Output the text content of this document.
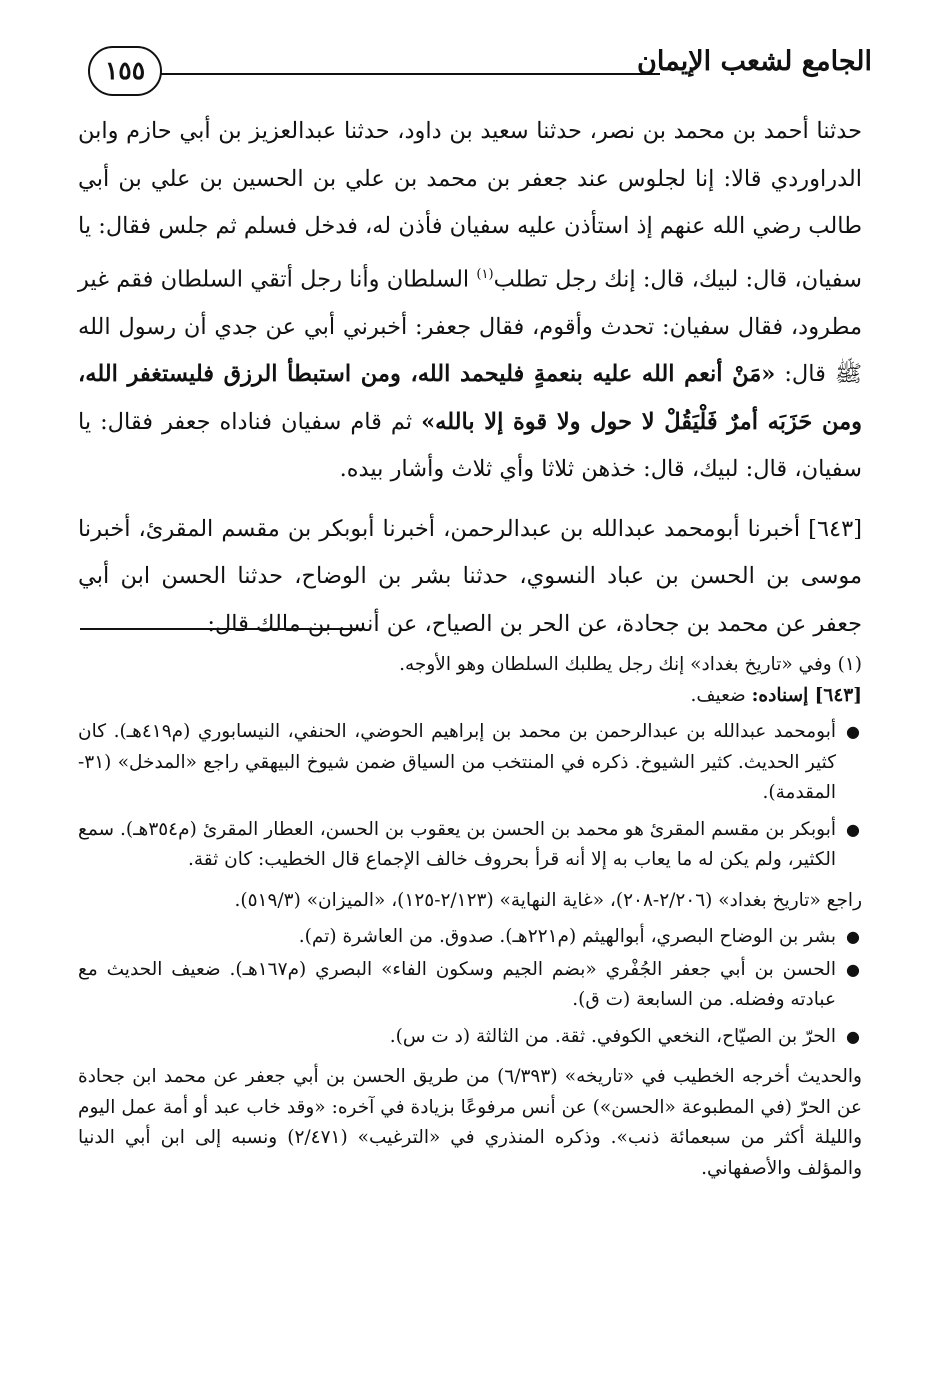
الجامع لشعب الإيمان
١٥٥

حدثنا أحمد بن محمد بن نصر، حدثنا سعيد بن داود، حدثنا عبدالعزيز بن أبي حازم وابن الدراوردي قالا: إنا لجلوس عند جعفر بن محمد بن علي بن الحسين بن علي بن أبي طالب رضي الله عنهم إذ استأذن عليه سفيان فأذن له، فدخل فسلم ثم جلس فقال: يا سفيان، قال: لبيك، قال: إنك رجل تطلب$^{(١)}$ السلطان وأنا رجل أتقي السلطان فقم غير مطرود، فقال سفيان: تحدث وأقوم، فقال جعفر: أخبرني أبي عن جدي أن رسول الله ﷺ قال: «مَنْ أنعم الله عليه بنعمةٍ فليحمد الله، ومن استبطأ الرزق فليستغفر الله، ومن حَزَبَه أمرٌ فَلْيَقُلْ لا حول ولا قوة إلا بالله» ثم قام سفيان فناداه جعفر فقال: يا سفيان، قال: لبيك، قال: خذهن ثلاثا وأي ثلاث وأشار بيده.

[٦٤٣] أخبرنا أبومحمد عبدالله بن عبدالرحمن، أخبرنا أبوبكر بن مقسم المقرئ، أخبرنا موسى بن الحسن بن عباد النسوي، حدثنا بشر بن الوضاح، حدثنا الحسن ابن أبي جعفر عن محمد بن جحادة، عن الحر بن الصياح، عن أنس بن مالك قال:

(١) وفي «تاريخ بغداد» إنك رجل يطلبك السلطان وهو الأوجه.

[٦٤٣] إسناده: ضعيف.

●
أبومحمد عبدالله بن عبدالرحمن بن محمد بن إبراهيم الحوضي، الحنفي، النيسابوري (م٤١٩هـ). كان كثير الحديث. كثير الشيوخ. ذكره في المنتخب من السياق ضمن شيوخ البيهقي راجع «المدخل» (٣١-المقدمة).
●
أبوبكر بن مقسم المقرئ هو محمد بن الحسن بن يعقوب بن الحسن، العطار المقرئ (م٣٥٤هـ). سمع الكثير، ولم يكن له ما يعاب به إلا أنه قرأ بحروف خالف الإجماع قال الخطيب: كان ثقة.

راجع «تاريخ بغداد» (٢/٢٠٦-٢٠٨)، «غاية النهاية» (٢/١٢٣-١٢٥)، «الميزان» (٥١٩/٣).

●
بشر بن الوضاح البصري، أبوالهيثم (م٢٢١هـ). صدوق. من العاشرة (تم).
●
الحسن بن أبي جعفر الجُفْري «بضم الجيم وسكون الفاء» البصري (م١٦٧هـ). ضعيف الحديث مع عبادته وفضله. من السابعة (ت ق).
●
الحرّ بن الصيّاح، النخعي الكوفي. ثقة. من الثالثة (د ت س).

والحديث أخرجه الخطيب في «تاريخه» (٦/٣٩٣) من طريق الحسن بن أبي جعفر عن محمد ابن جحادة عن الحرّ (في المطبوعة «الحسن») عن أنس مرفوعًا بزيادة في آخره: «وقد خاب عبد أو أمة عمل اليوم والليلة أكثر من سبعمائة ذنب». وذكره المنذري في «الترغيب» (٢/٤٧١) ونسبه إلى ابن أبي الدنيا والمؤلف والأصفهاني.
